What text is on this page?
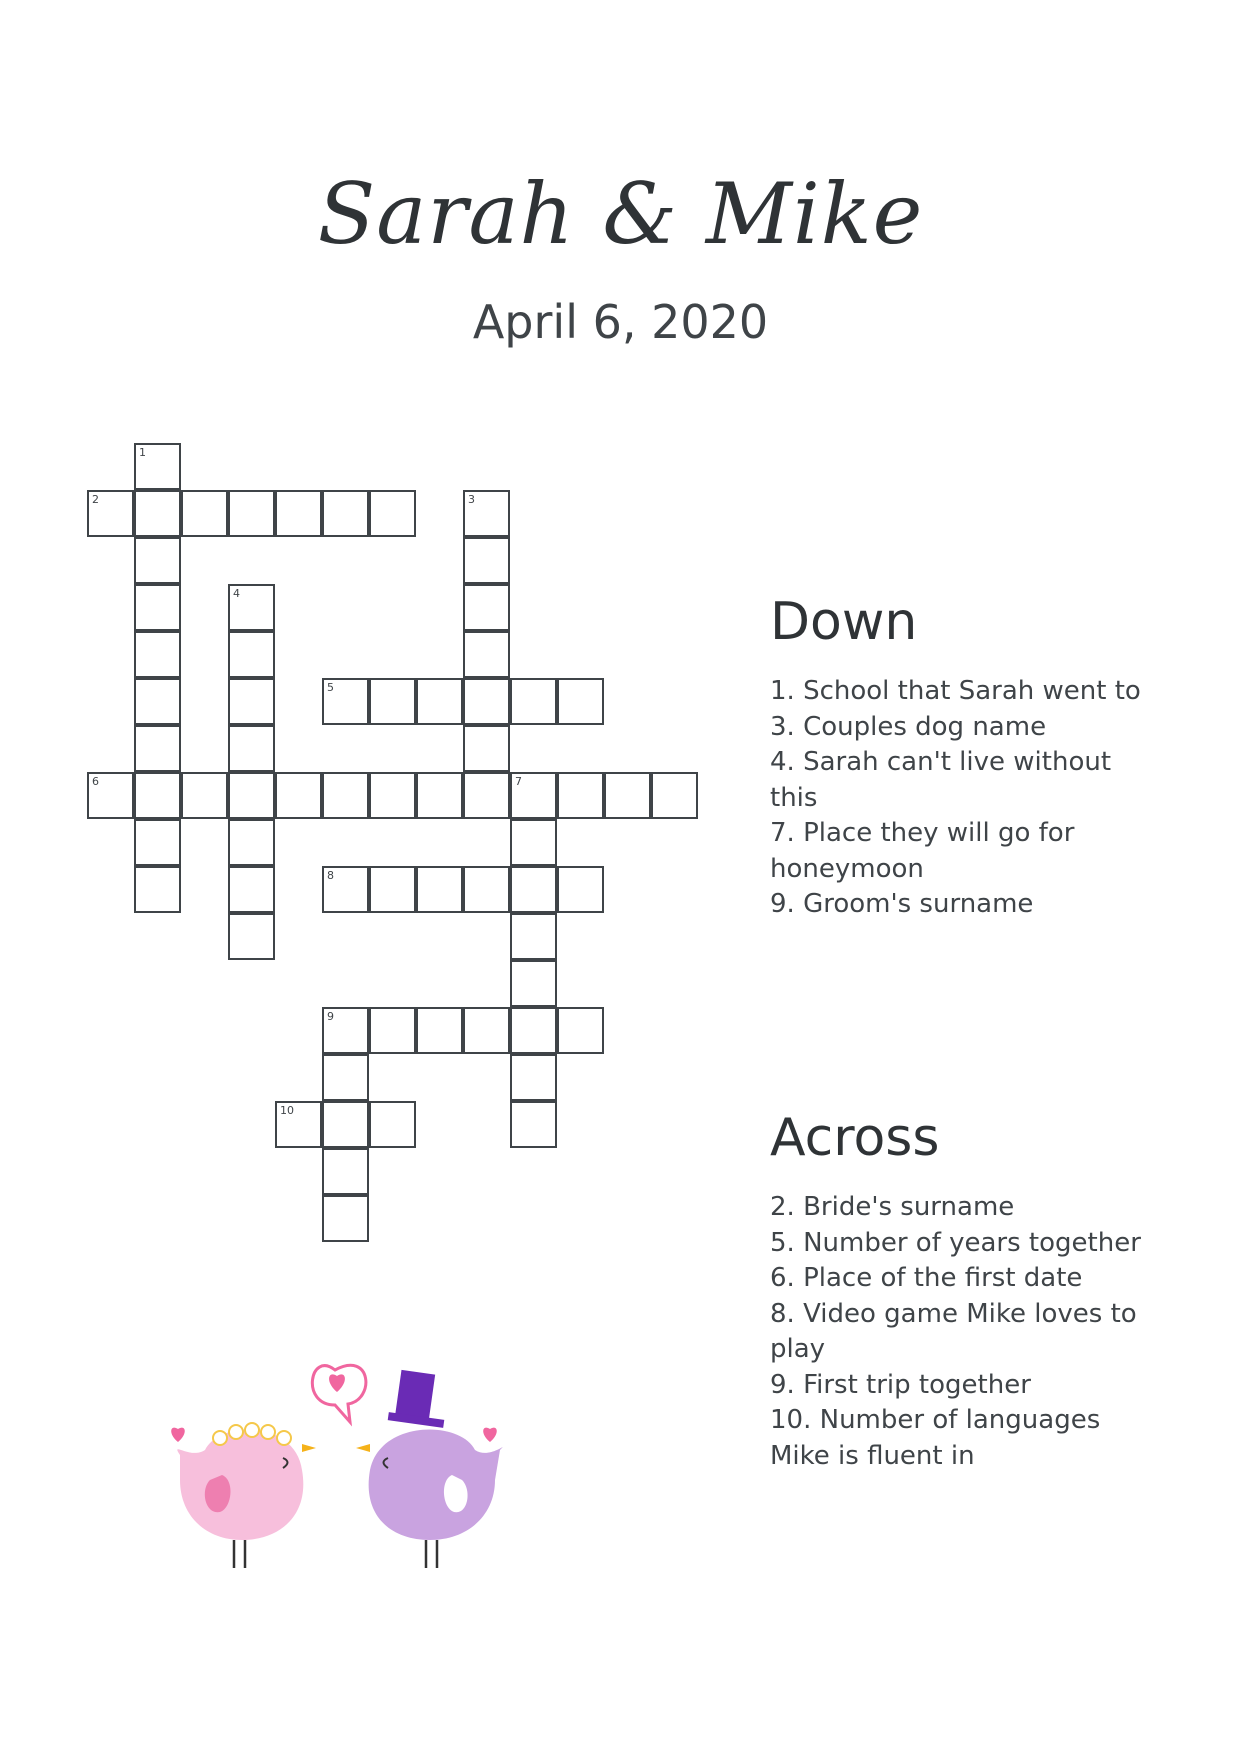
Sarah & Mike
April 6, 2020
1
2	3
4
5
6	7
8
9
10
Down
1. School that Sarah went to
3. Couples dog name
4. Sarah can't live without this
7. Place they will go for honeymoon
9. Groom's surname
Across
2. Bride's surname
5. Number of years together
6. Place of the first date
8. Video game Mike loves to play
9. First trip together
10. Number of languages Mike is fluent in
